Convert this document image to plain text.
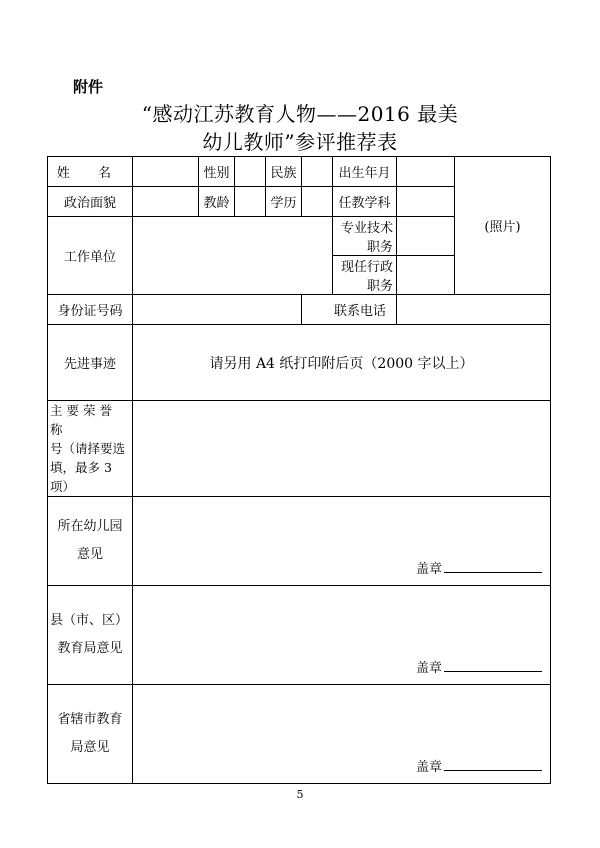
附件
“感动江苏教育人物——2016 最美
幼儿教师”参评推荐表
姓 名		性别		民族		出生年月		(照片)
政治面貌		教龄		学历		任教学科		
工作单位						专业技术职务		
						现任行政职务		
身份证号码					联系电话			
先进事迹	请另用 A4 纸打印附后页（2000 字以上）							

主要荣誉称
号（请择要选
填，最多 3 项）								

所在幼儿园
意见	盖章							

县（市、区）
教育局意见	盖章							

省辖市教育
局意见	盖章							
5
